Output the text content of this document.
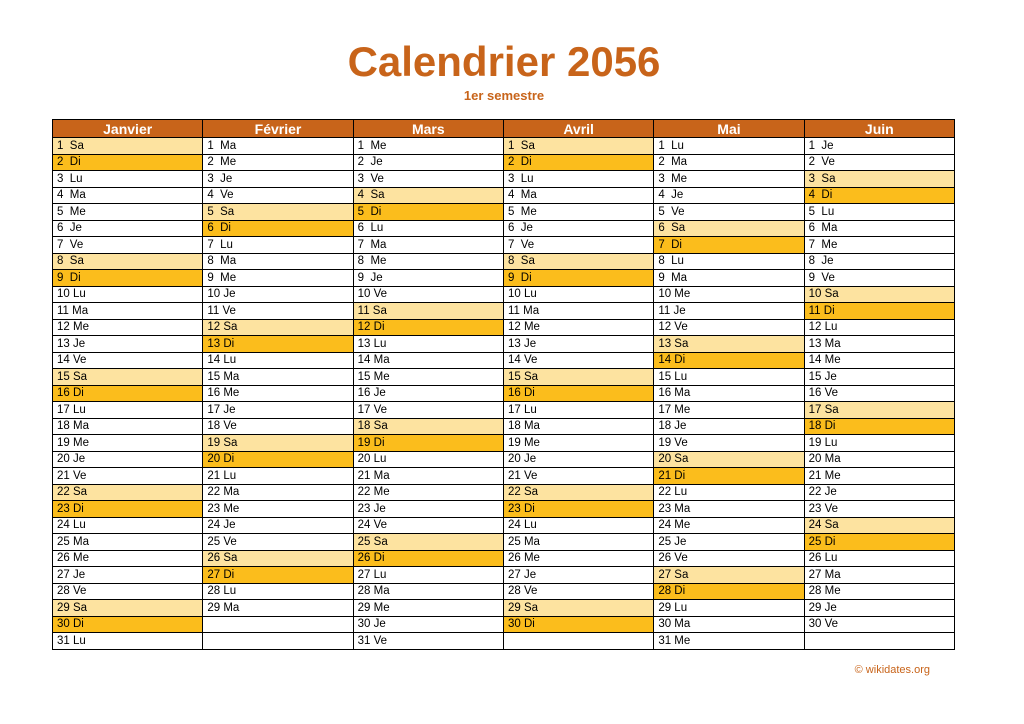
Calendrier 2056
1er semestre
Janvier	Février	Mars	Avril	Mai	Juin
1  Sa	1  Ma	1  Me	1  Sa	1  Lu	1  Je
2  Di	2  Me	2  Je	2  Di	2  Ma	2  Ve
3  Lu	3  Je	3  Ve	3  Lu	3  Me	3  Sa
4  Ma	4  Ve	4  Sa	4  Ma	4  Je	4  Di
5  Me	5  Sa	5  Di	5  Me	5  Ve	5  Lu
6  Je	6  Di	6  Lu	6  Je	6  Sa	6  Ma
7  Ve	7  Lu	7  Ma	7  Ve	7  Di	7  Me
8  Sa	8  Ma	8  Me	8  Sa	8  Lu	8  Je
9  Di	9  Me	9  Je	9  Di	9  Ma	9  Ve
10 Lu	10 Je	10 Ve	10 Lu	10 Me	10 Sa
11 Ma	11 Ve	11 Sa	11 Ma	11 Je	11 Di
12 Me	12 Sa	12 Di	12 Me	12 Ve	12 Lu
13 Je	13 Di	13 Lu	13 Je	13 Sa	13 Ma
14 Ve	14 Lu	14 Ma	14 Ve	14 Di	14 Me
15 Sa	15 Ma	15 Me	15 Sa	15 Lu	15 Je
16 Di	16 Me	16 Je	16 Di	16 Ma	16 Ve
17 Lu	17 Je	17 Ve	17 Lu	17 Me	17 Sa
18 Ma	18 Ve	18 Sa	18 Ma	18 Je	18 Di
19 Me	19 Sa	19 Di	19 Me	19 Ve	19 Lu
20 Je	20 Di	20 Lu	20 Je	20 Sa	20 Ma
21 Ve	21 Lu	21 Ma	21 Ve	21 Di	21 Me
22 Sa	22 Ma	22 Me	22 Sa	22 Lu	22 Je
23 Di	23 Me	23 Je	23 Di	23 Ma	23 Ve
24 Lu	24 Je	24 Ve	24 Lu	24 Me	24 Sa
25 Ma	25 Ve	25 Sa	25 Ma	25 Je	25 Di
26 Me	26 Sa	26 Di	26 Me	26 Ve	26 Lu
27 Je	27 Di	27 Lu	27 Je	27 Sa	27 Ma
28 Ve	28 Lu	28 Ma	28 Ve	28 Di	28 Me
29 Sa	29 Ma	29 Me	29 Sa	29 Lu	29 Je
30 Di		30 Je	30 Di	30 Ma	30 Ve
31 Lu		31 Ve		31 Me	
© wikidates.org
